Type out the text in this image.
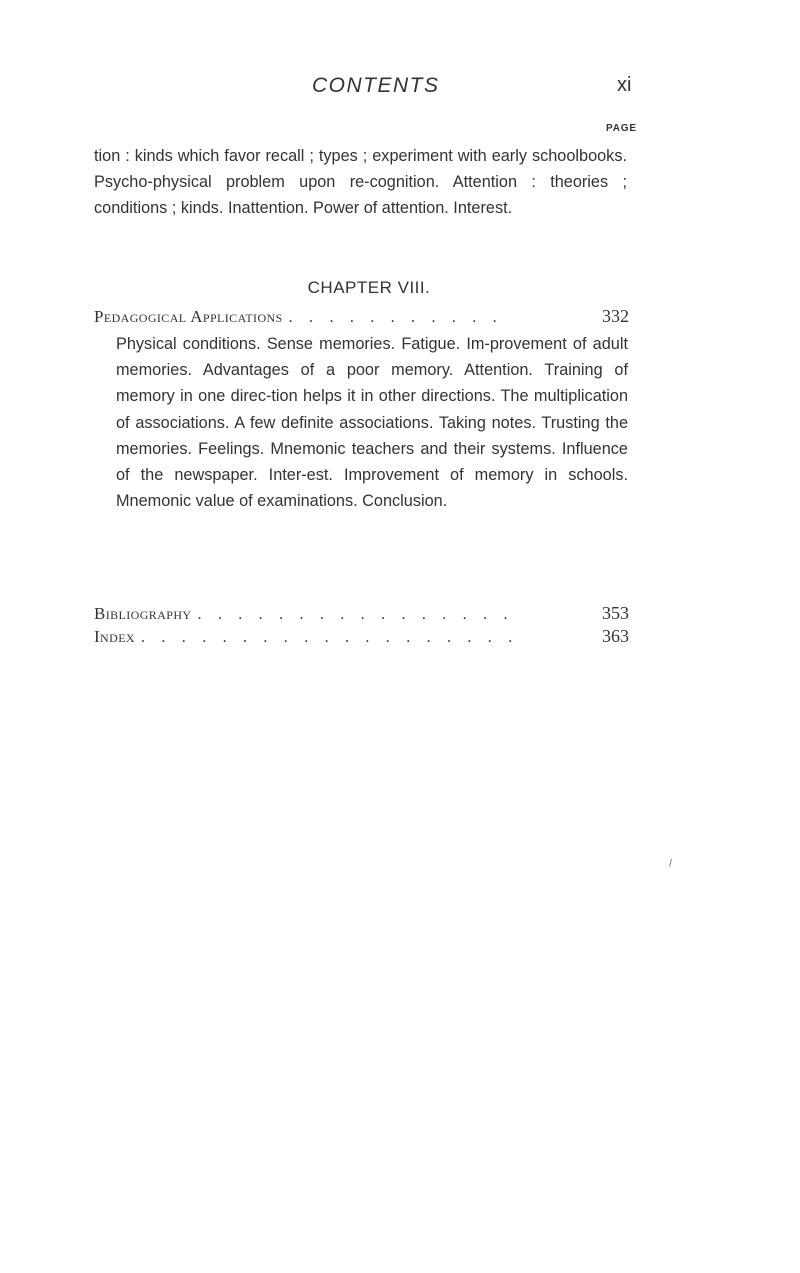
CONTENTS	xi
PAGE

tion : kinds which favor recall ; types ; experiment with early schoolbooks. Psycho-physical problem upon re-cognition. Attention : theories ; conditions ; kinds. Inattention. Power of attention. Interest.

CHAPTER VIII.
Pedagogical Applications . . . . . . . . . . .	332

Physical conditions. Sense memories. Fatigue. Im-provement of adult memories. Advantages of a poor memory. Attention. Training of memory in one direc-tion helps it in other directions. The multiplication of associations. A few definite associations. Taking notes. Trusting the memories. Feelings. Mnemonic teachers and their systems. Influence of the newspaper. Inter-est. Improvement of memory in schools. Mnemonic value of examinations. Conclusion.

Bibliography . . . . . . . . . . . . . . . .	353
Index . . . . . . . . . . . . . . . . . . .	363
